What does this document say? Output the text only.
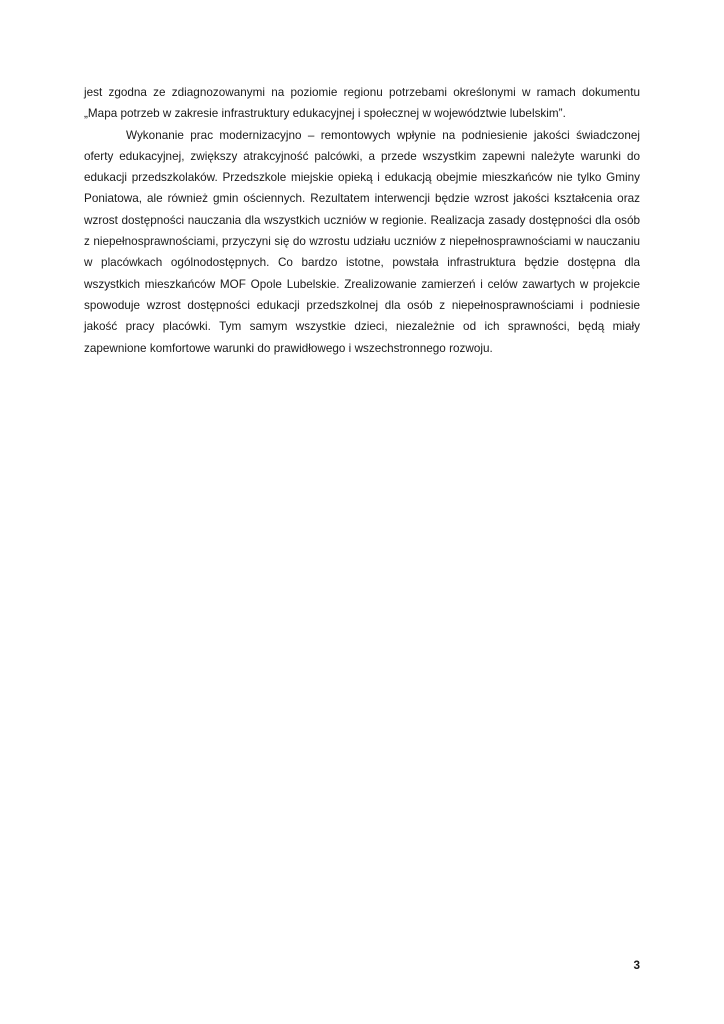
jest zgodna ze zdiagnozowanymi na poziomie regionu potrzebami określonymi w ramach dokumentu „Mapa potrzeb w zakresie infrastruktury edukacyjnej i społecznej w województwie lubelskim”.

Wykonanie prac modernizacyjno – remontowych wpłynie na podniesienie jakości świadczonej oferty edukacyjnej, zwiększy atrakcyjność palcówki, a przede wszystkim zapewni należyte warunki do edukacji przedszkolaków. Przedszkole miejskie opieką i edukacją obejmie mieszkańców nie tylko Gminy Poniatowa, ale również gmin ościennych. Rezultatem interwencji będzie wzrost jakości kształcenia oraz wzrost dostępności nauczania dla wszystkich uczniów w regionie. Realizacja zasady dostępności dla osób z niepełnosprawnościami, przyczyni się do wzrostu udziału uczniów z niepełnosprawnościami w nauczaniu w placówkach ogólnodostępnych. Co bardzo istotne, powstała infrastruktura będzie dostępna dla wszystkich mieszkańców MOF Opole Lubelskie. Zrealizowanie zamierzeń i celów zawartych w projekcie spowoduje wzrost dostępności edukacji przedszkolnej dla osób z niepełnosprawnościami i podniesie jakość pracy placówki. Tym samym wszystkie dzieci, niezależnie od ich sprawności, będą miały zapewnione komfortowe warunki do prawidłowego i wszechstronnego rozwoju.

3
